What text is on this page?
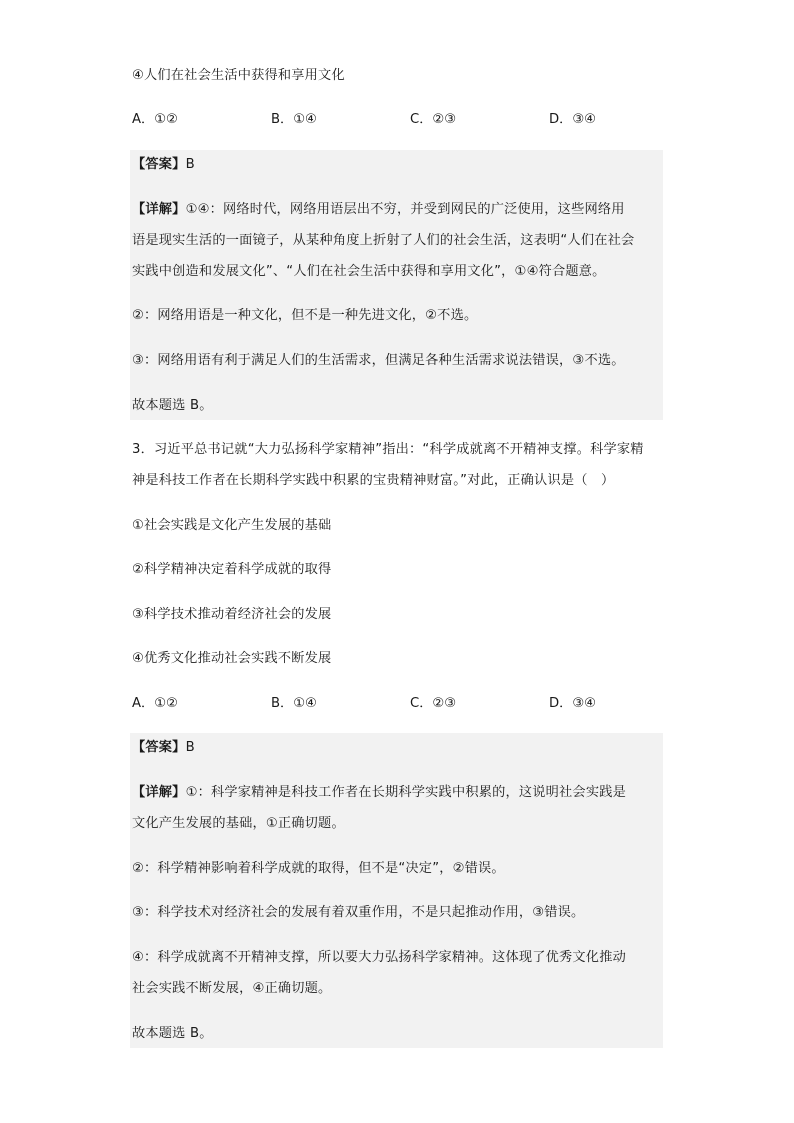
④人们在社会生活中获得和享用文化
A．①②	B．①④	C．②③	D．③④
【答案】B
【详解】①④：网络时代，网络用语层出不穷，并受到网民的广泛使用，这些网络用
语是现实生活的一面镜子，从某种角度上折射了人们的社会生活，这表明“人们在社会
实践中创造和发展文化”、“人们在社会生活中获得和享用文化”，①④符合题意。
②：网络用语是一种文化，但不是一种先进文化，②不选。
③：网络用语有利于满足人们的生活需求，但满足各种生活需求说法错误，③不选。
故本题选 B。
3．习近平总书记就“大力弘扬科学家精神”指出：“科学成就离不开精神支撑。科学家精
神是科技工作者在长期科学实践中积累的宝贵精神财富。”对此，正确认识是（　）
①社会实践是文化产生发展的基础
②科学精神决定着科学成就的取得
③科学技术推动着经济社会的发展
④优秀文化推动社会实践不断发展
A．①②	B．①④	C．②③	D．③④
【答案】B
【详解】①：科学家精神是科技工作者在长期科学实践中积累的，这说明社会实践是
文化产生发展的基础，①正确切题。
②：科学精神影响着科学成就的取得，但不是“决定”，②错误。
③：科学技术对经济社会的发展有着双重作用，不是只起推动作用，③错误。
④：科学成就离不开精神支撑，所以要大力弘扬科学家精神。这体现了优秀文化推动
社会实践不断发展，④正确切题。
故本题选 B。
